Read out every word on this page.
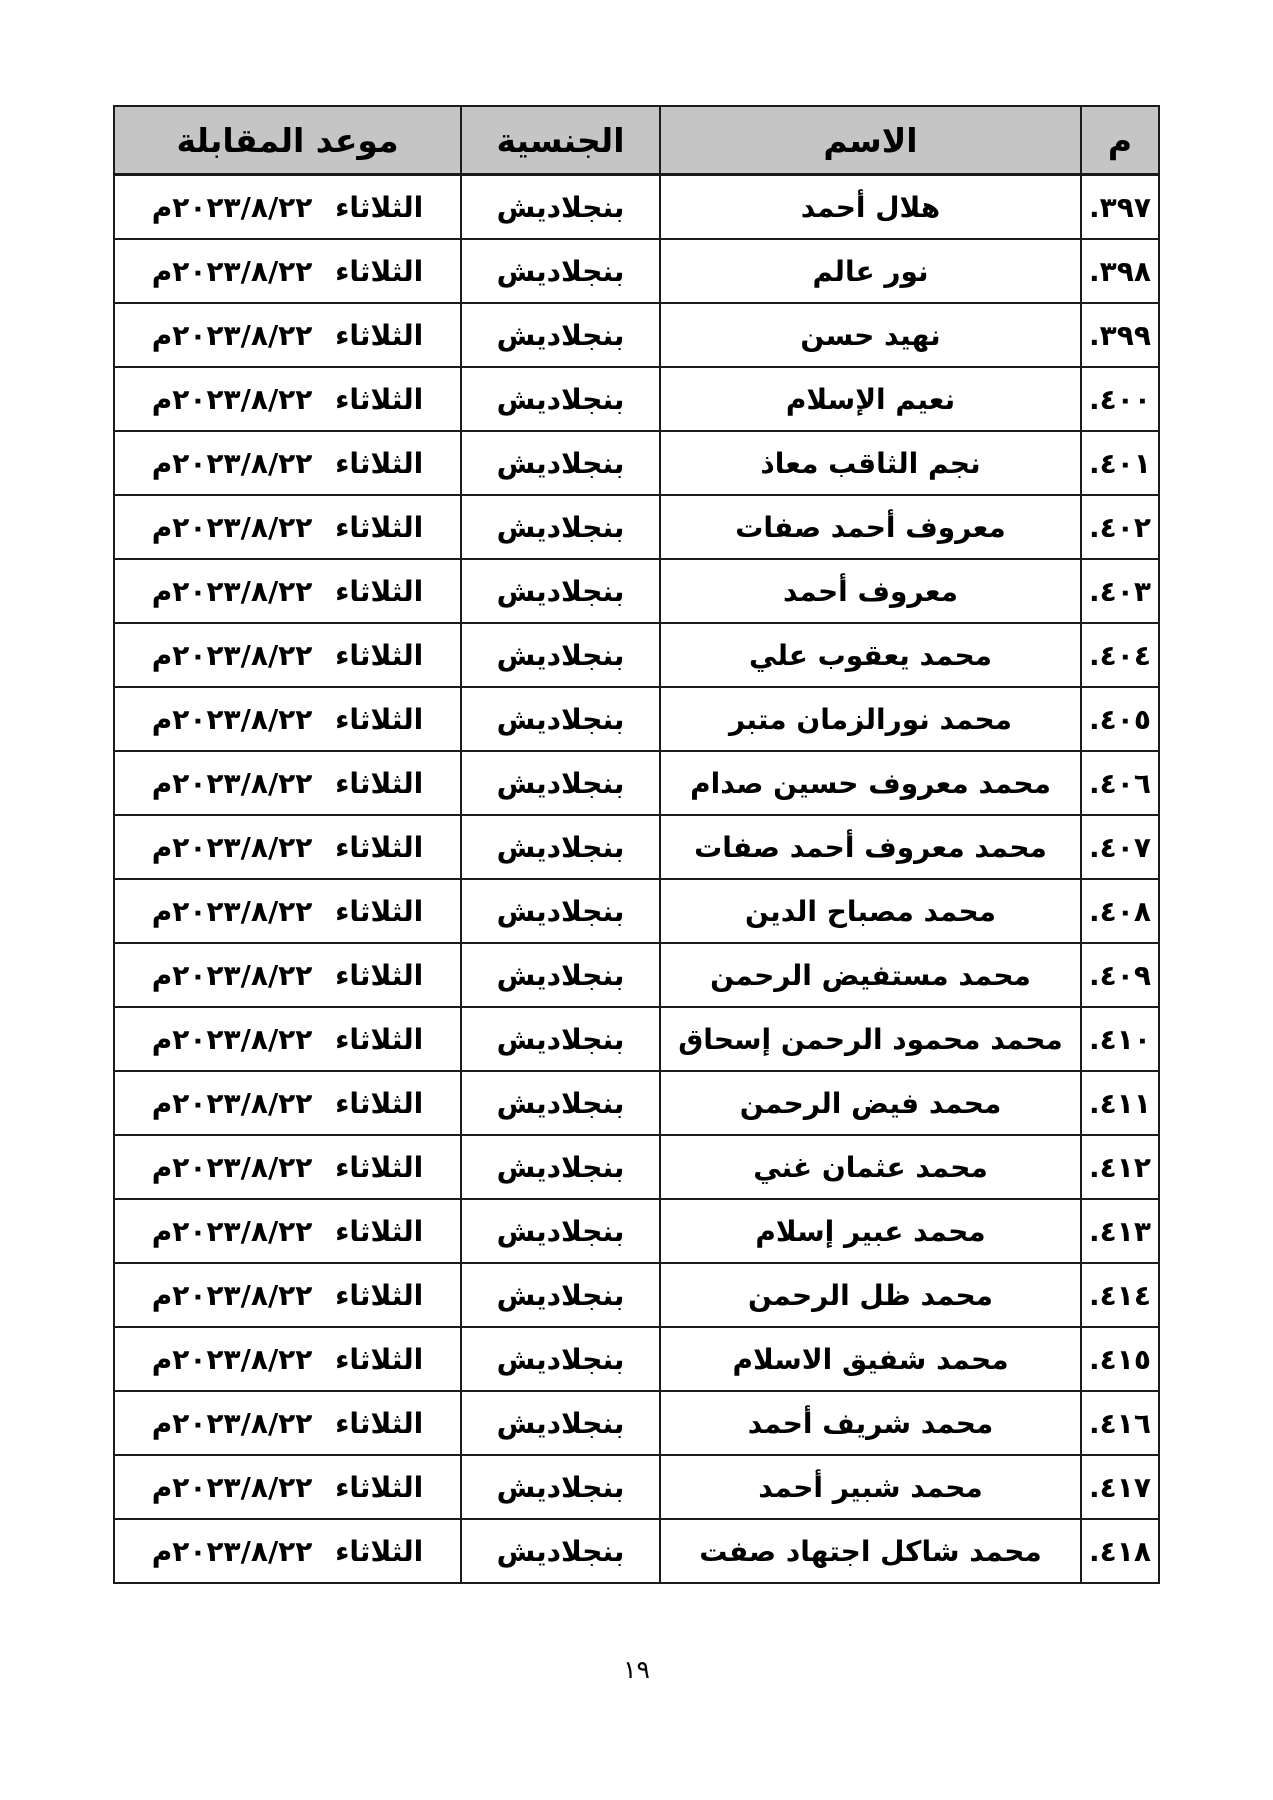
م	الاسم	الجنسية	موعد المقابلة
٣٩٧.	هلال أحمد	بنجلاديش	الثلاثاء ٢٠٢٣/٨/٢٢م
٣٩٨.	نور عالم	بنجلاديش	الثلاثاء ٢٠٢٣/٨/٢٢م
٣٩٩.	نهيد حسن	بنجلاديش	الثلاثاء ٢٠٢٣/٨/٢٢م
٤٠٠.	نعيم الإسلام	بنجلاديش	الثلاثاء ٢٠٢٣/٨/٢٢م
٤٠١.	نجم الثاقب معاذ	بنجلاديش	الثلاثاء ٢٠٢٣/٨/٢٢م
٤٠٢.	معروف أحمد صفات	بنجلاديش	الثلاثاء ٢٠٢٣/٨/٢٢م
٤٠٣.	معروف أحمد	بنجلاديش	الثلاثاء ٢٠٢٣/٨/٢٢م
٤٠٤.	محمد يعقوب علي	بنجلاديش	الثلاثاء ٢٠٢٣/٨/٢٢م
٤٠٥.	محمد نورالزمان متبر	بنجلاديش	الثلاثاء ٢٠٢٣/٨/٢٢م
٤٠٦.	محمد معروف حسين صدام	بنجلاديش	الثلاثاء ٢٠٢٣/٨/٢٢م
٤٠٧.	محمد معروف أحمد صفات	بنجلاديش	الثلاثاء ٢٠٢٣/٨/٢٢م
٤٠٨.	محمد مصباح الدين	بنجلاديش	الثلاثاء ٢٠٢٣/٨/٢٢م
٤٠٩.	محمد مستفيض الرحمن	بنجلاديش	الثلاثاء ٢٠٢٣/٨/٢٢م
٤١٠.	محمد محمود الرحمن إسحاق	بنجلاديش	الثلاثاء ٢٠٢٣/٨/٢٢م
٤١١.	محمد فيض الرحمن	بنجلاديش	الثلاثاء ٢٠٢٣/٨/٢٢م
٤١٢.	محمد عثمان غني	بنجلاديش	الثلاثاء ٢٠٢٣/٨/٢٢م
٤١٣.	محمد عبير إسلام	بنجلاديش	الثلاثاء ٢٠٢٣/٨/٢٢م
٤١٤.	محمد ظل الرحمن	بنجلاديش	الثلاثاء ٢٠٢٣/٨/٢٢م
٤١٥.	محمد شفيق الاسلام	بنجلاديش	الثلاثاء ٢٠٢٣/٨/٢٢م
٤١٦.	محمد شريف أحمد	بنجلاديش	الثلاثاء ٢٠٢٣/٨/٢٢م
٤١٧.	محمد شبير أحمد	بنجلاديش	الثلاثاء ٢٠٢٣/٨/٢٢م
٤١٨.	محمد شاكل اجتهاد صفت	بنجلاديش	الثلاثاء ٢٠٢٣/٨/٢٢م
١٩
